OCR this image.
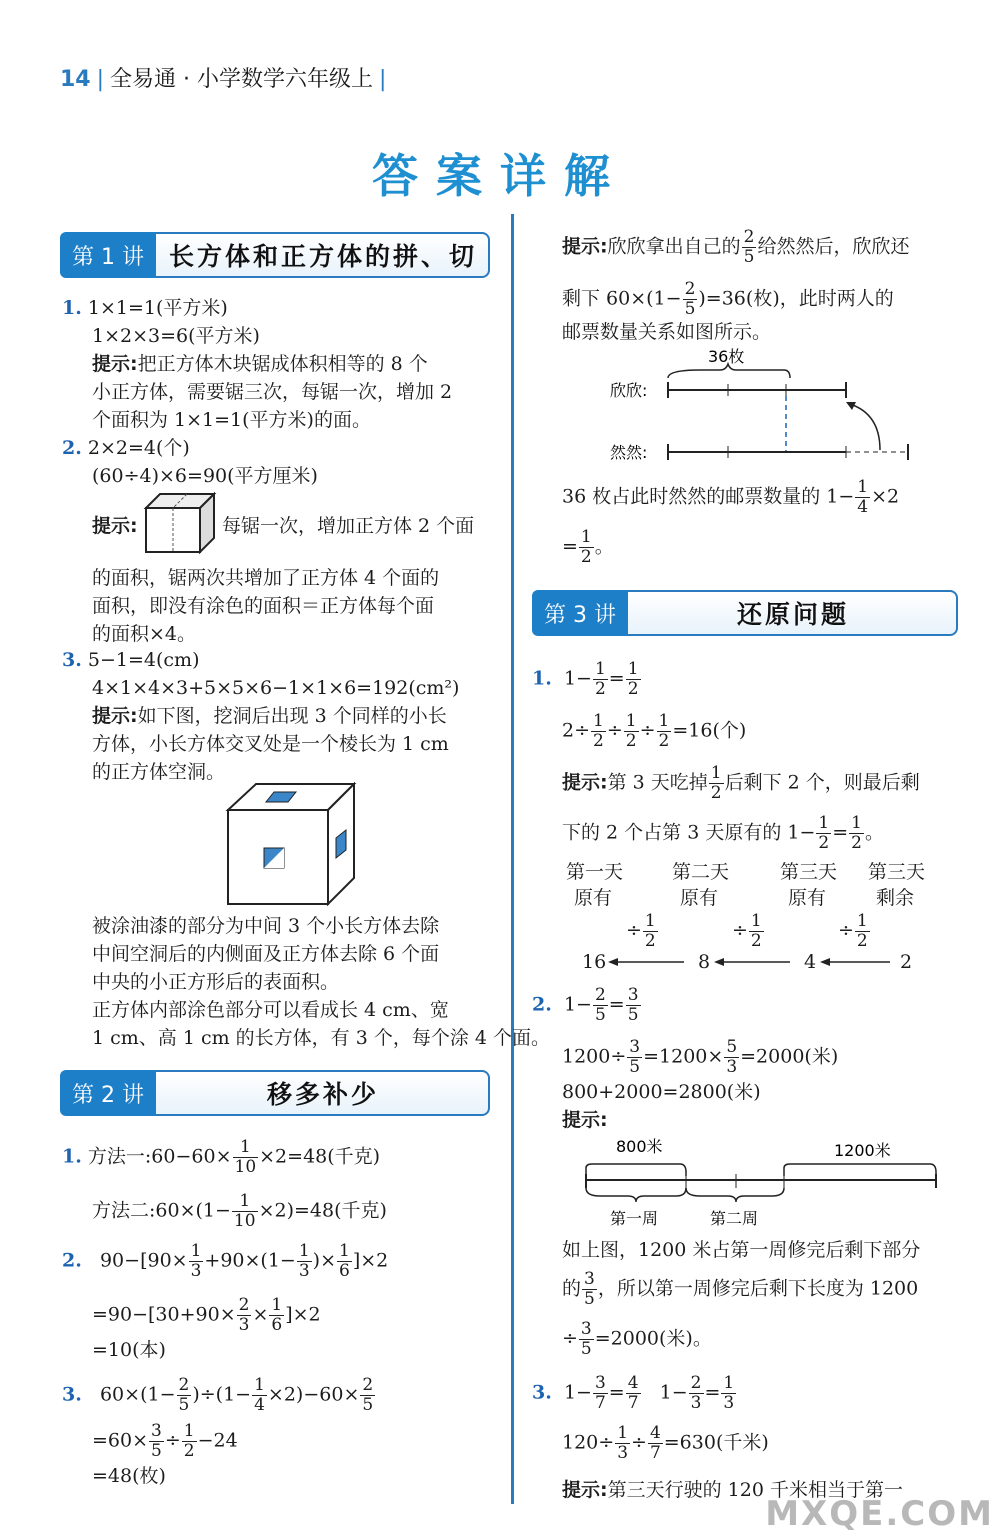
14 | 全易通 · 小学数学六年级上 |
答案详解
第 1 讲	长方体和正方体的拼、切
1. 1×1=1(平方米)
1×2×3=6(平方米)
提示:把正方体木块锯成体积相等的 8 个
小正方体，需要锯三次，每锯一次，增加 2
个面积为 1×1=1(平方米)的面。
2. 2×2=4(个)
(60÷4)×6=90(平方厘米)
提示:	每锯一次，增加正方体 2 个面
的面积，锯两次共增加了正方体 4 个面的
面积，即没有涂色的面积＝正方体每个面
的面积×4。
3. 5−1=4(cm)
4×1×4×3+5×5×6−1×1×6=192(cm²)
提示:如下图，挖洞后出现 3 个同样的小长
方体，小长方体交叉处是一个棱长为 1 cm
的正方体空洞。
被涂油漆的部分为中间 3 个小长方体去除
中间空洞后的内侧面及正方体去除 6 个面
中央的小正方形后的表面积。
正方体内部涂色部分可以看成长 4 cm、宽
1 cm、高 1 cm 的长方体，有 3 个，每个涂 4 个面。
第 2 讲	移多补少
1. 方法一:60−60× $\frac{1}{10} \times 2=48$(千克)
方法二:60×(1− $\frac{1}{10} \times 2)=48$(千克)
2. $90-[90\times \frac{1}{3} +90\times(1- \frac{1}{3}$ )× $\frac{1}{6} ]\times 2$
$=90-[30+90\times \frac{2}{3} \times \frac{1}{6} ]\times 2$
=10(本)
3. $60\times(1- \frac{2}{5} )\div(1- \frac{1}{4} \times 2)-60\times \frac{2}{5}$
$=60\times \frac{3}{5} \div \frac{1}{2} -24$
=48(枚)
提示:欣欣拿出自己的 $\frac{2}{5}$ 给然然后，欣欣还
剩下 $60\times(1- \frac{2}{5} )=36$(枚)，此时两人的
邮票数量关系如图所示。
36枚
欣欣:
然然:
36 枚占此时然然的邮票数量的 $1- \frac{1}{4} \times 2$
= $\frac{1}{2}$ 。
第 3 讲	还原问题
1. $1- \frac{1}{2} = \frac{1}{2}$
$2\div \frac{1}{2} \div \frac{1}{2} \div \frac{1}{2} =16$(个)
提示:第 3 天吃掉 $\frac{1}{2}$ 后剩下 2 个，则最后剩
下的 2 个占第 3 天原有的 $1- \frac{1}{2} = \frac{1}{2}$ 。
第一天	第二天	第三天 第三天
原有	原有	原有	剩余
÷ $\frac{1}{2}$	÷ $\frac{1}{2}$	÷ $\frac{1}{2}$
16	8	4	2
2. $1- \frac{2}{5} = \frac{3}{5}$
$1200\div \frac{3}{5} =1200\times \frac{5}{3} =2000$(米)
800+2000=2800(米)
提示:
800米	1200米
第一周	第二周
如上图，1200 米占第一周修完后剩下部分
的 $\frac{3}{5}$ ，所以第一周修完后剩下长度为 1200
÷ $\frac{3}{5} =2000$(米)。
3. $1- \frac{3}{7} = \frac{4}{7} 1- \frac{2}{3} = \frac{1}{3}$
$120\div \frac{1}{3} \div \frac{4}{7} =630$(千米)
提示:第三天行驶的 120 千米相当于第一
MXQE.COM
